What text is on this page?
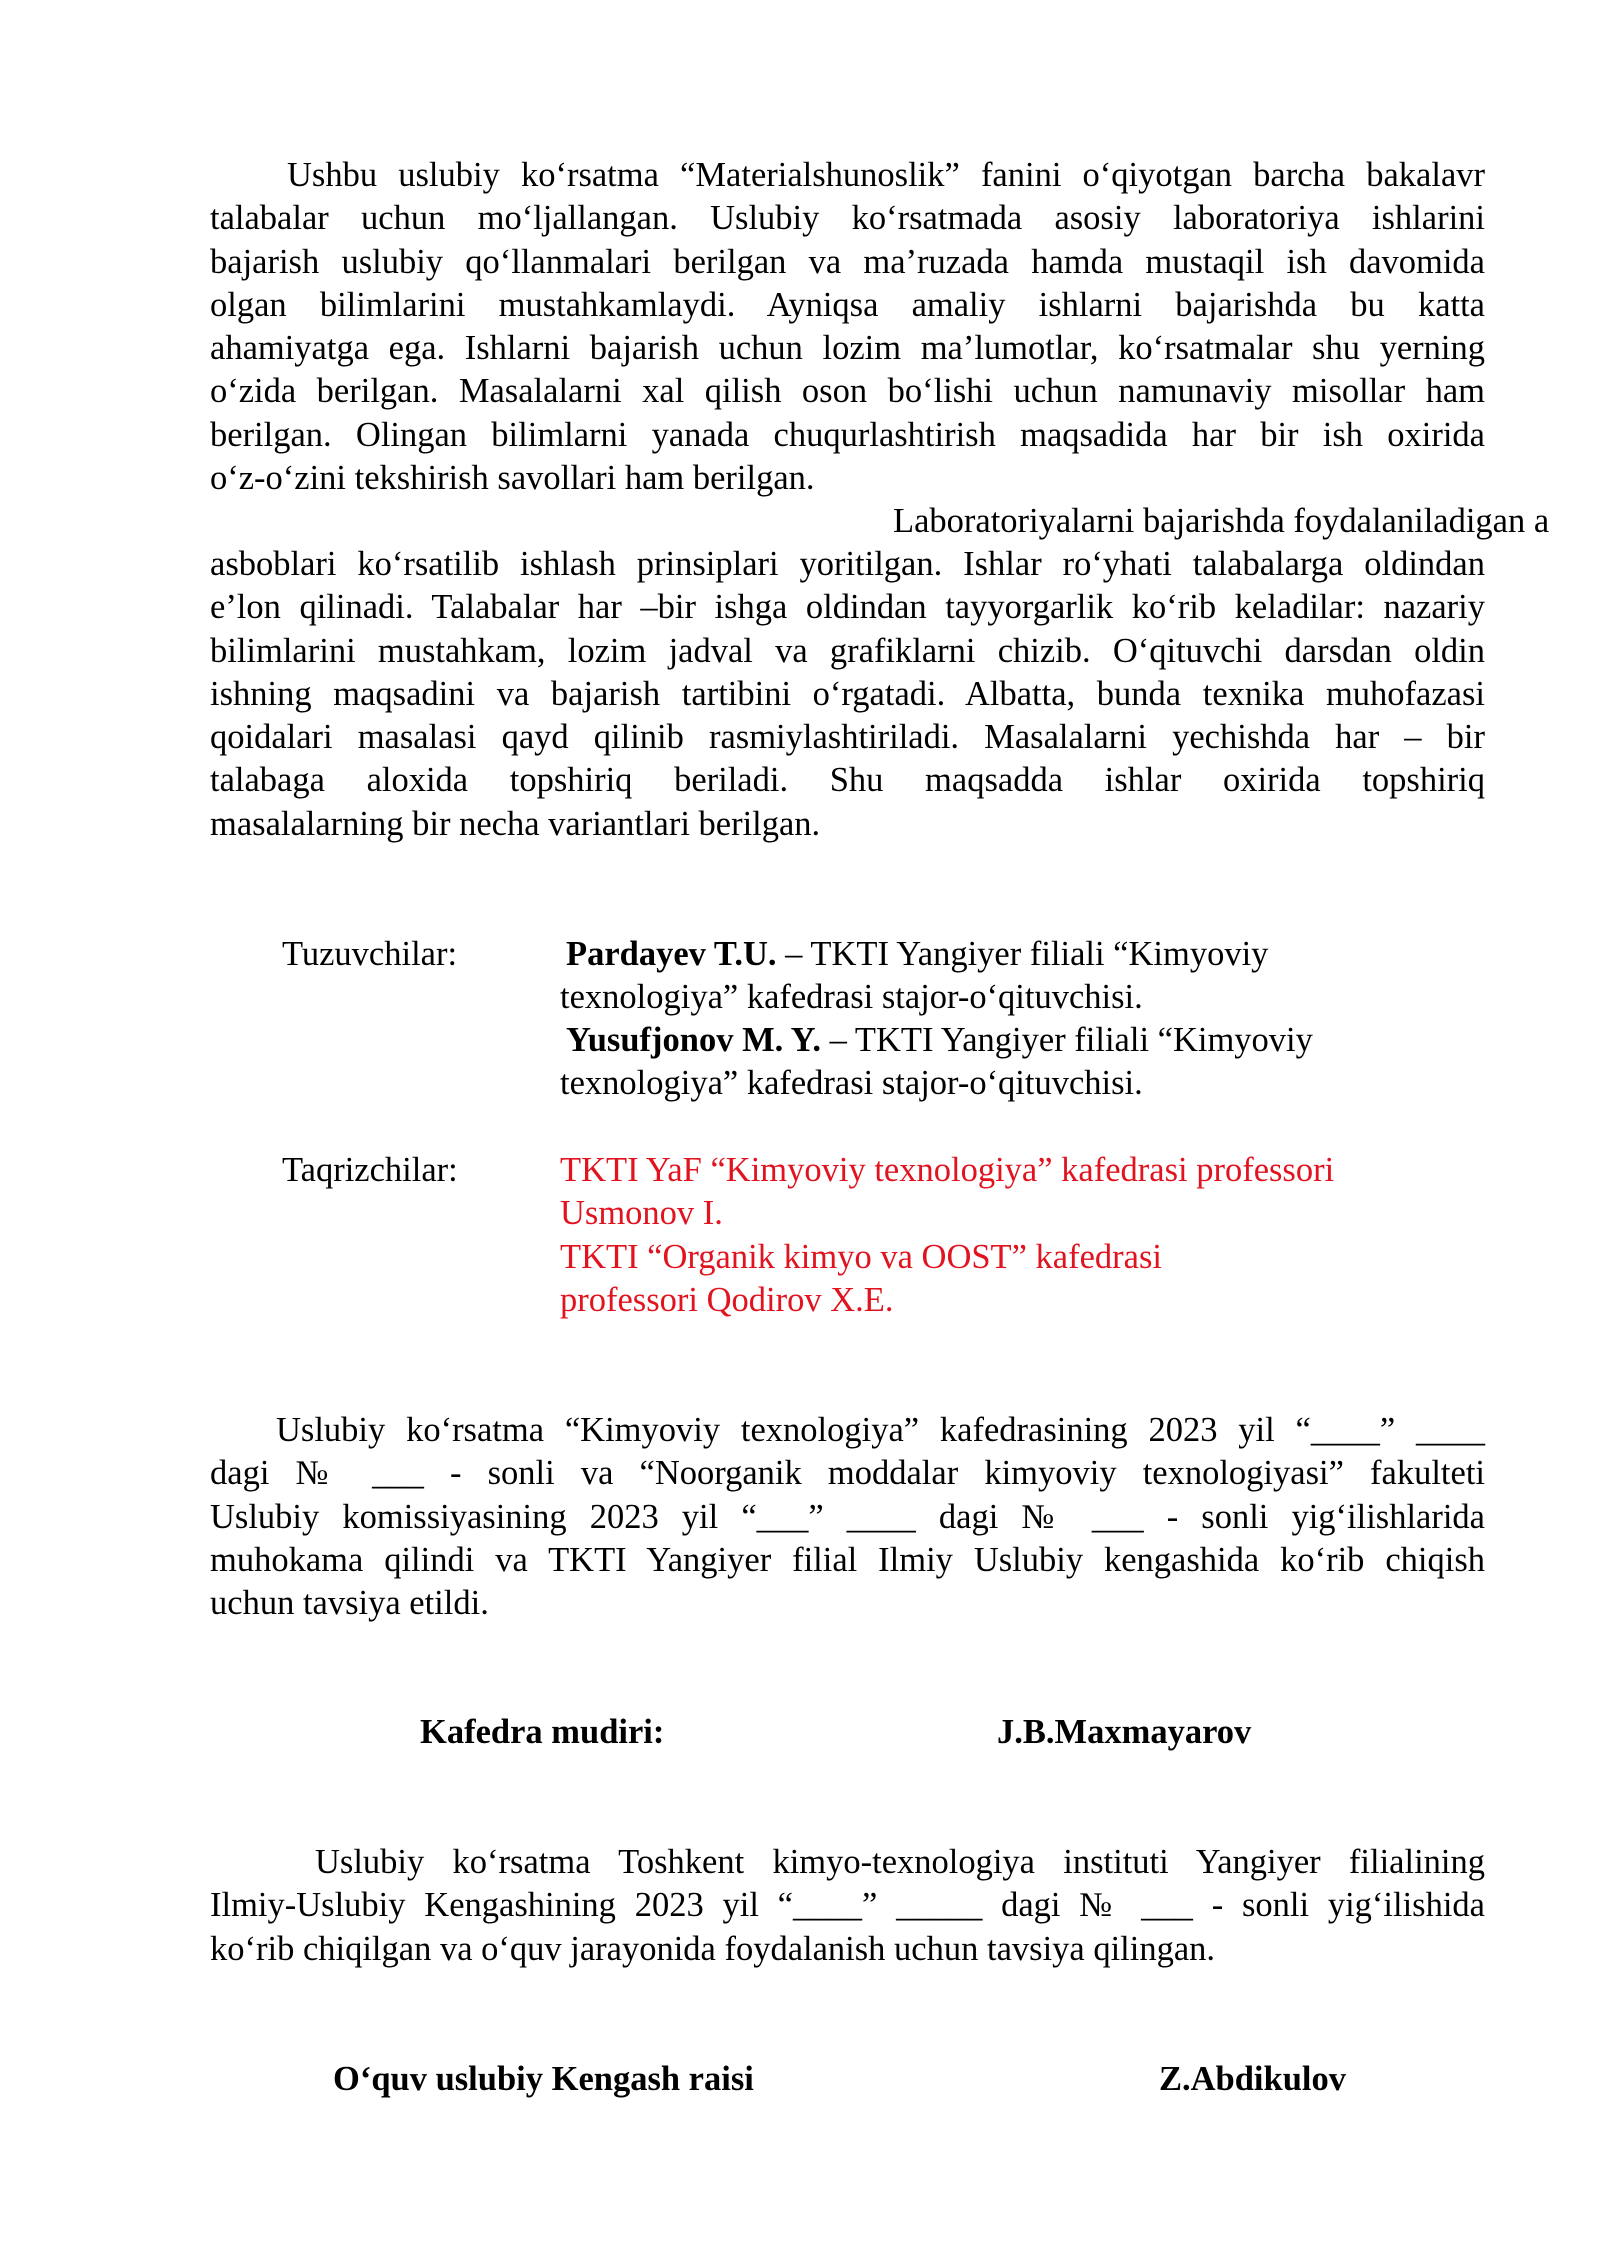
Ushbu uslubiy ko‘rsatma “Materialshunoslik” fanini o‘qiyotgan barcha bakalavr
talabalar uchun mo‘ljallangan. Uslubiy ko‘rsatmada asosiy laboratoriya ishlarini
bajarish uslubiy qo‘llanmalari berilgan va ma’ruzada hamda mustaqil ish davomida
olgan bilimlarini mustahkamlaydi. Ayniqsa amaliy ishlarni bajarishda bu katta
ahamiyatga ega. Ishlarni bajarish uchun lozim ma’lumotlar, ko‘rsatmalar shu yerning
o‘zida berilgan. Masalalarni xal qilish oson bo‘lishi uchun namunaviy misollar ham
berilgan. Olingan bilimlarni yanada chuqurlashtirish maqsadida har bir ish oxirida
o‘z-o‘zini tekshirish savollari ham berilgan.
Laboratoriyalarni bajarishda foydalaniladigan a
asboblari ko‘rsatilib ishlash prinsiplari yoritilgan. Ishlar ro‘yhati talabalarga oldindan
e’lon qilinadi. Talabalar har –bir ishga oldindan tayyorgarlik ko‘rib keladilar: nazariy
bilimlarini mustahkam, lozim jadval va grafiklarni chizib. O‘qituvchi darsdan oldin
ishning maqsadini va bajarish tartibini o‘rgatadi. Albatta, bunda texnika muhofazasi
qoidalari masalasi qayd qilinib rasmiylashtiriladi. Masalalarni yechishda har – bir
talabaga aloxida topshiriq beriladi. Shu maqsadda ishlar oxirida topshiriq
masalalarning bir necha variantlari berilgan.
Tuzuvchilar:	Pardayev T.U. – TKTI Yangiyer filiali “Kimyoviy
texnologiya” kafedrasi stajor-o‘qituvchisi.
Yusufjonov M. Y. – TKTI Yangiyer filiali “Kimyoviy
texnologiya” kafedrasi stajor-o‘qituvchisi.
Taqrizchilar:	TKTI YaF “Kimyoviy texnologiya” kafedrasi professori
Usmonov I.
TKTI “Organik kimyo va OOST” kafedrasi
professori Qodirov X.E.
Uslubiy ko‘rsatma “Kimyoviy texnologiya” kafedrasining 2023 yil “____” ____
dagi № ___ - sonli va “Noorganik moddalar kimyoviy texnologiyasi” fakulteti
Uslubiy komissiyasining 2023 yil “___” ____ dagi № ___ - sonli yig‘ilishlarida
muhokama qilindi va TKTI Yangiyer filial Ilmiy Uslubiy kengashida ko‘rib chiqish
uchun tavsiya etildi.
Kafedra mudiri:	J.B.Maxmayarov
Uslubiy ko‘rsatma Toshkent kimyo-texnologiya instituti Yangiyer filialining
Ilmiy-Uslubiy Kengashining 2023 yil “____” _____ dagi № ___ - sonli yig‘ilishida
ko‘rib chiqilgan va o‘quv jarayonida foydalanish uchun tavsiya qilingan.
O‘quv uslubiy Kengash raisi	Z.Abdikulov
